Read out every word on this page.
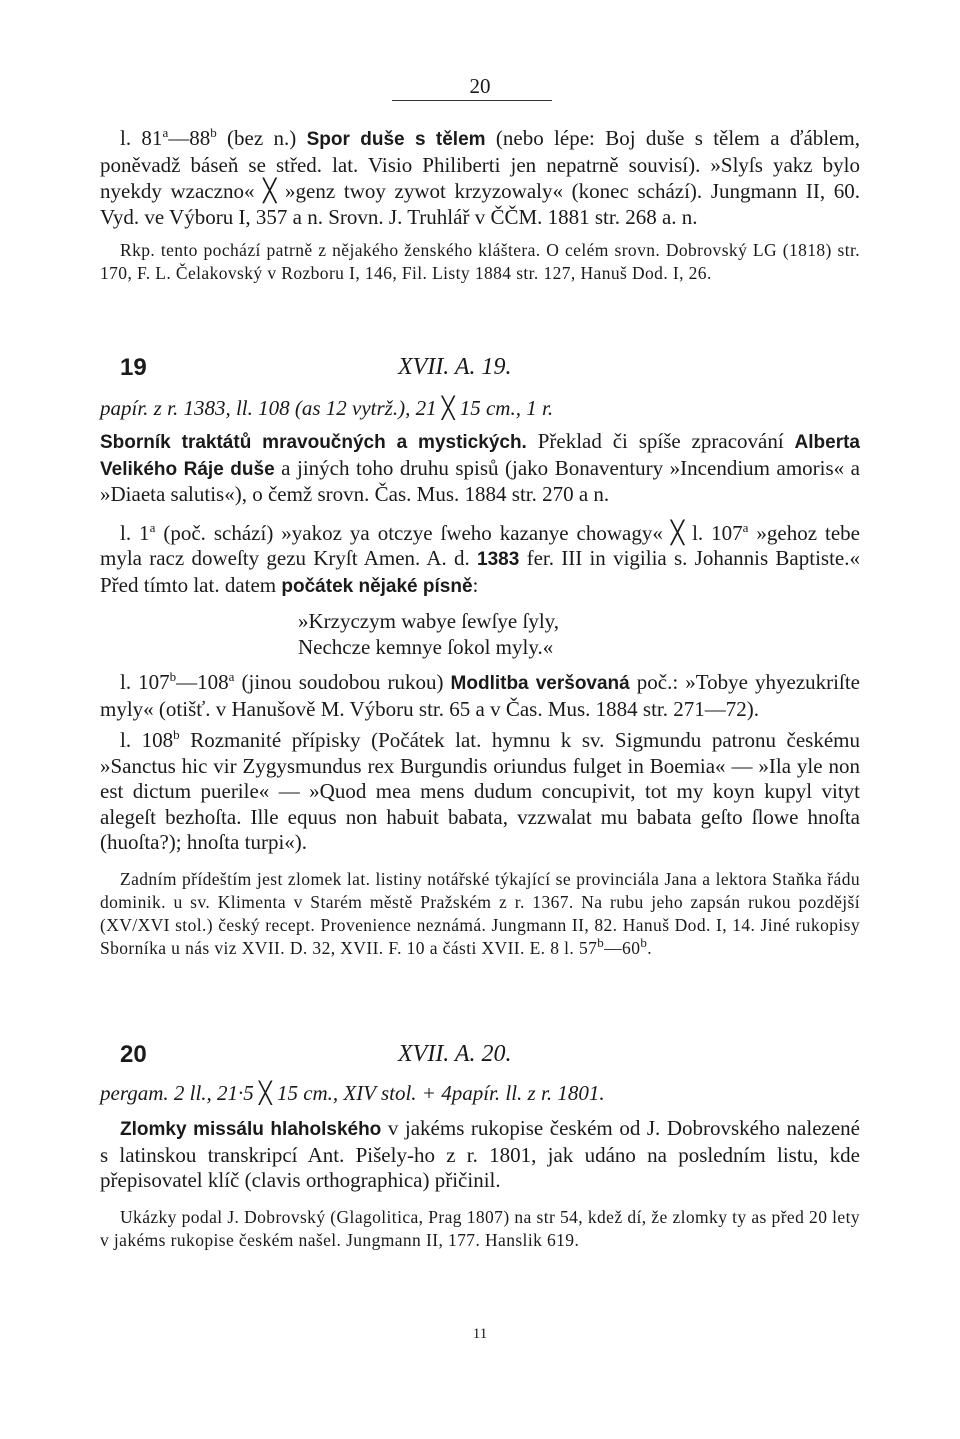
20

l. 81$^a$—88$^b$ (bez n.) Spor duše s tělem (nebo lépe: Boj duše s tělem a ďáblem, poněvadž báseň se střed. lat. Visio Philiberti jen nepatrně souvisí). »Slyſs yakz bylo nyekdy wzaczno« ╳ »genz twoy zywot krzyzowaly« (konec schází). Jungmann II, 60. Vyd. ve Výboru I, 357 a n. Srovn. J. Truhlář v ČČM. 1881 str. 268 a. n.

Rkp. tento pochází patrně z nějakého ženského kláštera. O celém srovn. Dobrovský LG (1818) str. 170, F. L. Čelakovský v Rozboru I, 146, Fil. Listy 1884 str. 127, Hanuš Dod. I, 26.

19	XVII. A. 19.

papír. z r. 1383, ll. 108 (as 12 vytrž.), 21 ╳ 15 cm., 1 r.

Sborník traktátů mravoučných a mystických. Překlad či spíše zpracování Alberta Velikého Ráje duše a jiných toho druhu spisů (jako Bonaventury »Incendium amoris« a »Diaeta salutis«), o čemž srovn. Čas. Mus. 1884 str. 270 a n.

l. 1$^a$ (poč. schází) »yakoz ya otczye ſweho kazanye chowagy« ╳ l. 107$^a$ »gehoz tebe myla racz doweſty gezu Kryſt Amen. A. d. 1383 fer. III in vigilia s. Johannis Baptiste.« Před tímto lat. datem počátek nějaké písně:

»Krzyczym wabye ſewſye ſyly,

Nechcze kemnye ſokol myly.«

l. 107$^b$—108$^a$ (jinou soudobou rukou) Modlitba veršovaná poč.: »Tobye yhyezukriſte myly« (otišť. v Hanušově M. Výboru str. 65 a v Čas. Mus. 1884 str. 271—72).

l. 108$^b$ Rozmanité přípisky (Počátek lat. hymnu k sv. Sigmundu patronu českému »Sanctus hic vir Zygysmundus rex Burgundis oriundus fulget in Boemia« — »Ila yle non est dictum puerile« — »Quod mea mens dudum concupivit, tot my koyn kupyl vityt alegeſt bezhoſta. Ille equus non habuit babata, vzzwalat mu babata geſto ſlowe hnoſta (huoſta?); hnoſta turpi«).

Zadním přídeštím jest zlomek lat. listiny notářské týkající se provinciála Jana a lektora Staňka řádu dominik. u sv. Klimenta v Starém městě Pražském z r. 1367. Na rubu jeho zapsán rukou pozdější (XV/XVI stol.) český recept. Provenience neznámá. Jungmann II, 82. Hanuš Dod. I, 14. Jiné rukopisy Sborníka u nás viz XVII. D. 32, XVII. F. 10 a části XVII. E. 8 l. 57$^b$—60$^b$.

20	XVII. A. 20.

pergam. 2 ll., 21·5 ╳ 15 cm., XIV stol. + 4papír. ll. z r. 1801.

Zlomky missálu hlaholského v jakéms rukopise českém od J. Dobrovského nalezené s latinskou transkripcí Ant. Pišely-ho z r. 1801, jak udáno na posledním listu, kde přepisovatel klíč (clavis orthographica) přičinil.

Ukázky podal J. Dobrovský (Glagolitica, Prag 1807) na str 54, kdež dí, že zlomky ty as před 20 lety v jakéms rukopise českém našel. Jungmann II, 177. Hanslik 619.

11
